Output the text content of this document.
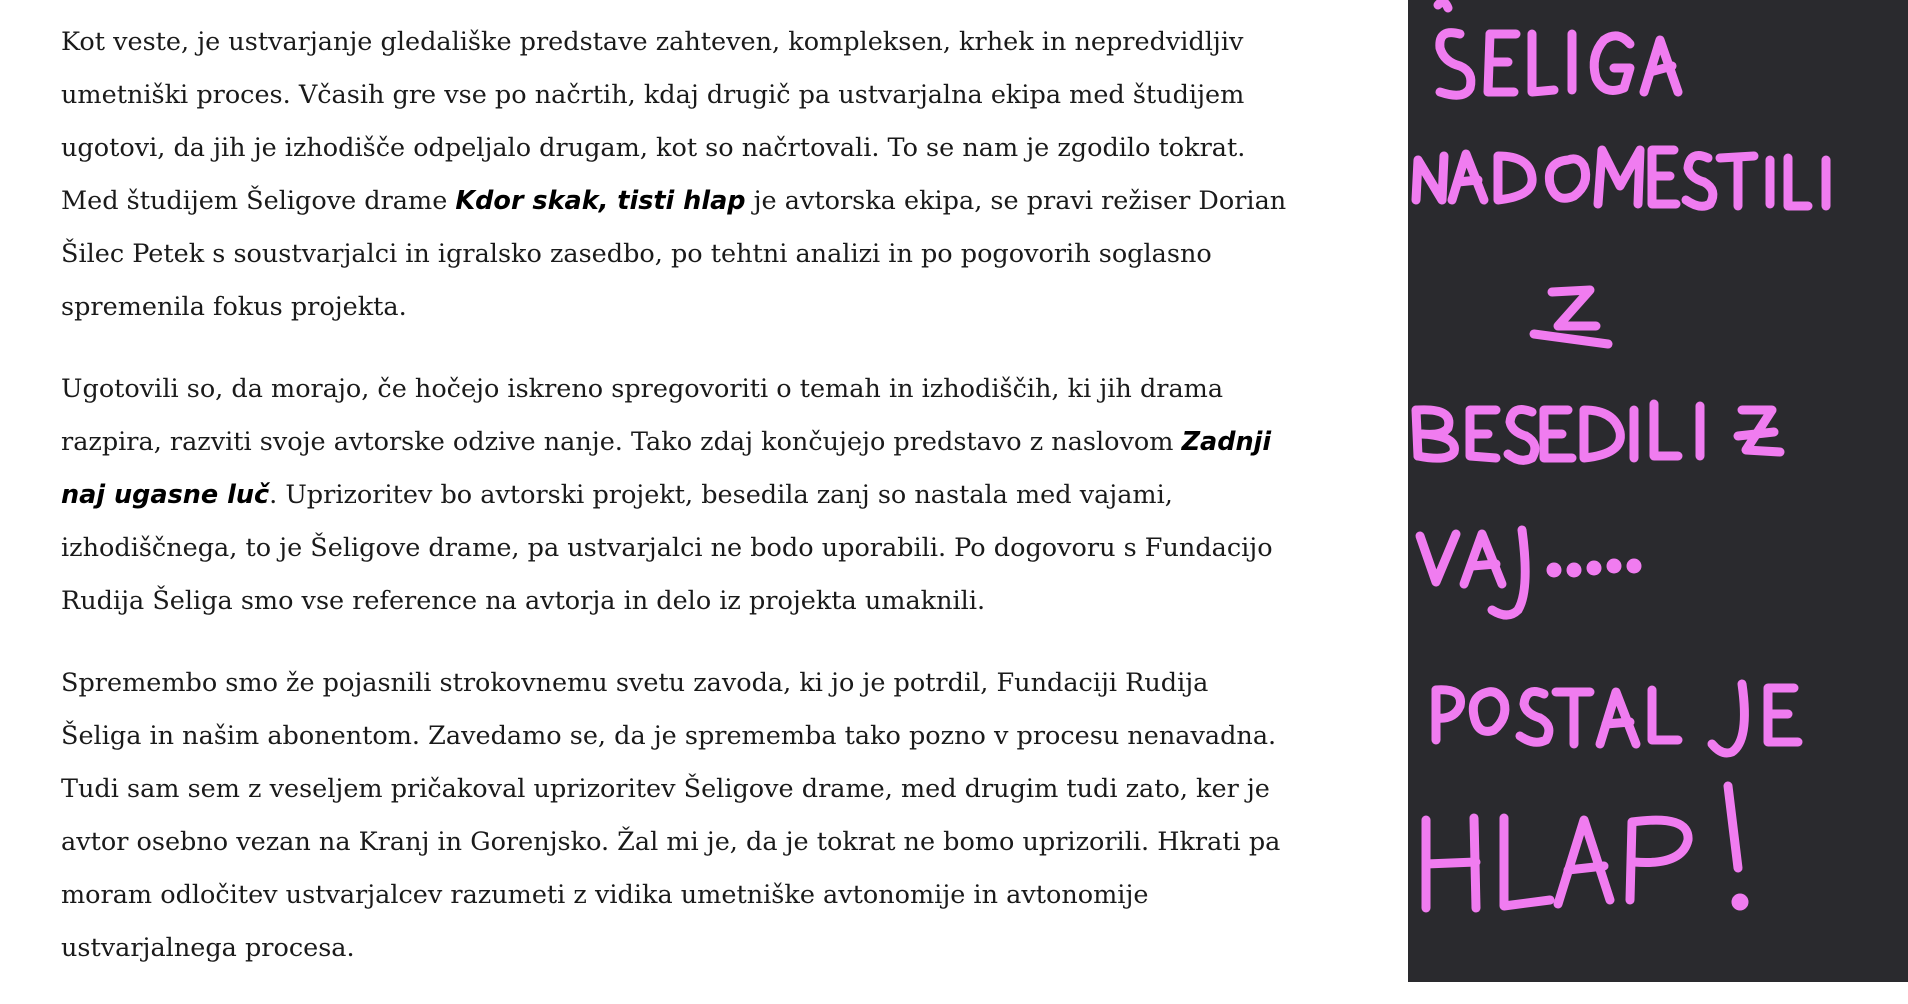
Kot veste, je ustvarjanje gledališke predstave zahteven, kompleksen, krhek in nepredvidljiv
umetniški proces. Včasih gre vse po načrtih, kdaj drugič pa ustvarjalna ekipa med študijem
ugotovi, da jih je izhodišče odpeljalo drugam, kot so načrtovali. To se nam je zgodilo tokrat.
Med študijem Šeligove drame Kdor skak, tisti hlap je avtorska ekipa, se pravi režiser Dorian
Šilec Petek s soustvarjalci in igralsko zasedbo, po tehtni analizi in po pogovorih soglasno
spremenila fokus projekta.
Ugotovili so, da morajo, če hočejo iskreno spregovoriti o temah in izhodiščih, ki jih drama
razpira, razviti svoje avtorske odzive nanje. Tako zdaj končujejo predstavo z naslovom Zadnji
naj ugasne luč. Uprizoritev bo avtorski projekt, besedila zanj so nastala med vajami,
izhodiščnega, to je Šeligove drame, pa ustvarjalci ne bodo uporabili. Po dogovoru s Fundacijo
Rudija Šeliga smo vse reference na avtorja in delo iz projekta umaknili.
Spremembo smo že pojasnili strokovnemu svetu zavoda, ki jo je potrdil, Fundaciji Rudija
Šeliga in našim abonentom. Zavedamo se, da je sprememba tako pozno v procesu nenavadna.
Tudi sam sem z veseljem pričakoval uprizoritev Šeligove drame, med drugim tudi zato, ker je
avtor osebno vezan na Kranj in Gorenjsko. Žal mi je, da je tokrat ne bomo uprizorili. Hkrati pa
moram odločitev ustvarjalcev razumeti z vidika umetniške avtonomije in avtonomije
ustvarjalnega procesa.
